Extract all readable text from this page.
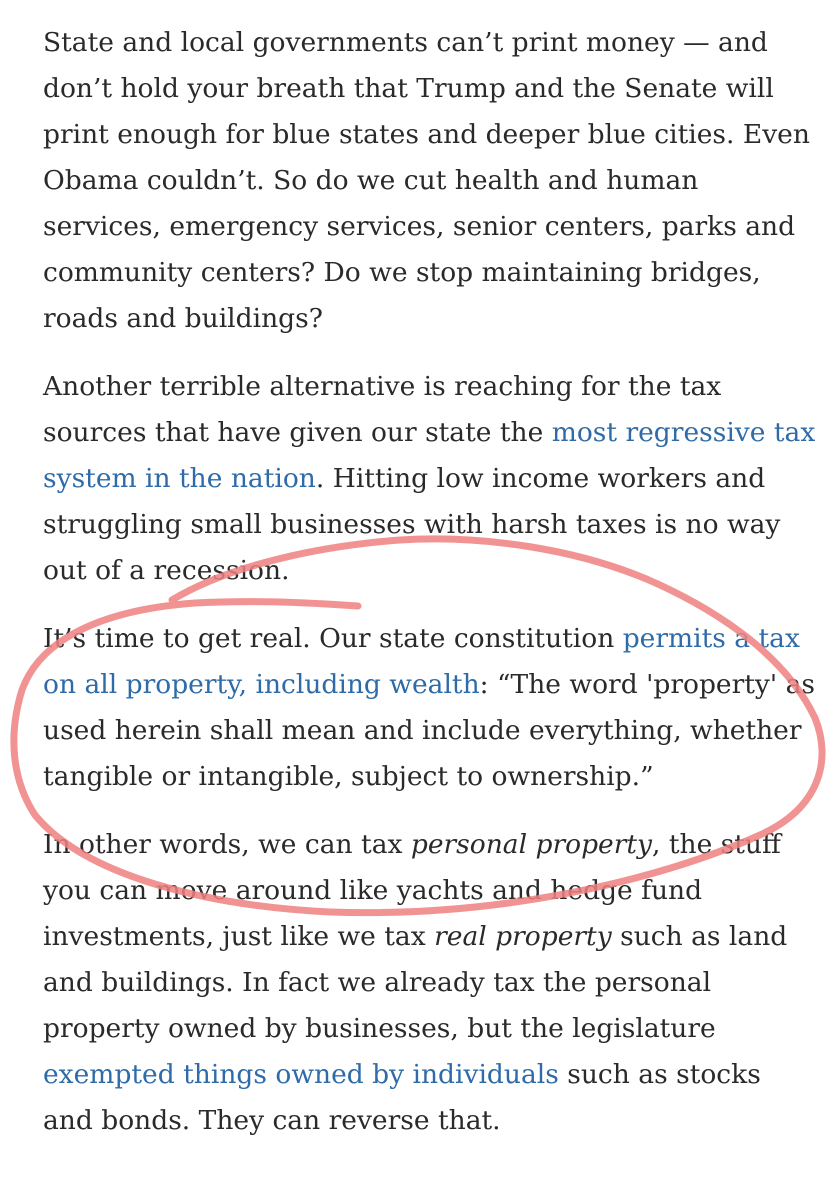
State and local governments can’t print money — and don’t hold your breath that Trump and the Senate will print enough for blue states and deeper blue cities. Even Obama couldn’t. So do we cut health and human services, emergency services, senior centers, parks and community centers? Do we stop maintaining bridges, roads and buildings?

Another terrible alternative is reaching for the tax sources that have given our state the most regressive tax system in the nation. Hitting low income workers and struggling small businesses with harsh taxes is no way out of a recession.

It’s time to get real. Our state constitution permits a tax on all property, including wealth: “The word 'property' as used herein shall mean and include everything, whether tangible or intangible, subject to ownership.”

In other words, we can tax personal property, the stuff you can move around like yachts and hedge fund investments, just like we tax real property such as land and buildings. In fact we already tax the personal property owned by businesses, but the legislature exempted things owned by individuals such as stocks and bonds. They can reverse that.
